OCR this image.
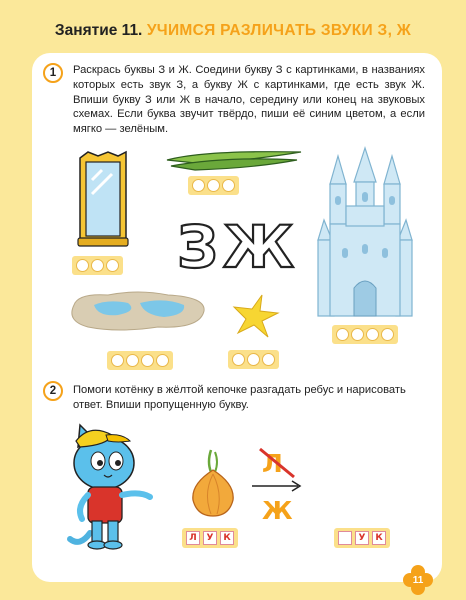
Занятие 11. УЧИМСЯ РАЗЛИЧАТЬ ЗВУКИ З, Ж
1 Раскрась буквы З и Ж. Соедини букву З с картинками, в названиях которых есть звук З, а букву Ж с картинками, где есть звук Ж. Впиши букву З или Ж в начало, середину или конец на звуковых схемах. Если буква звучит твёрдо, пиши её синим цветом, а если мягко — зелёным.
З Ж
2 Помоги котёнку в жёлтой кепочке разгадать ребус и нарисовать ответ. Впиши пропущенную букву.
Л
Ж
Л	У	К	У	К
11
